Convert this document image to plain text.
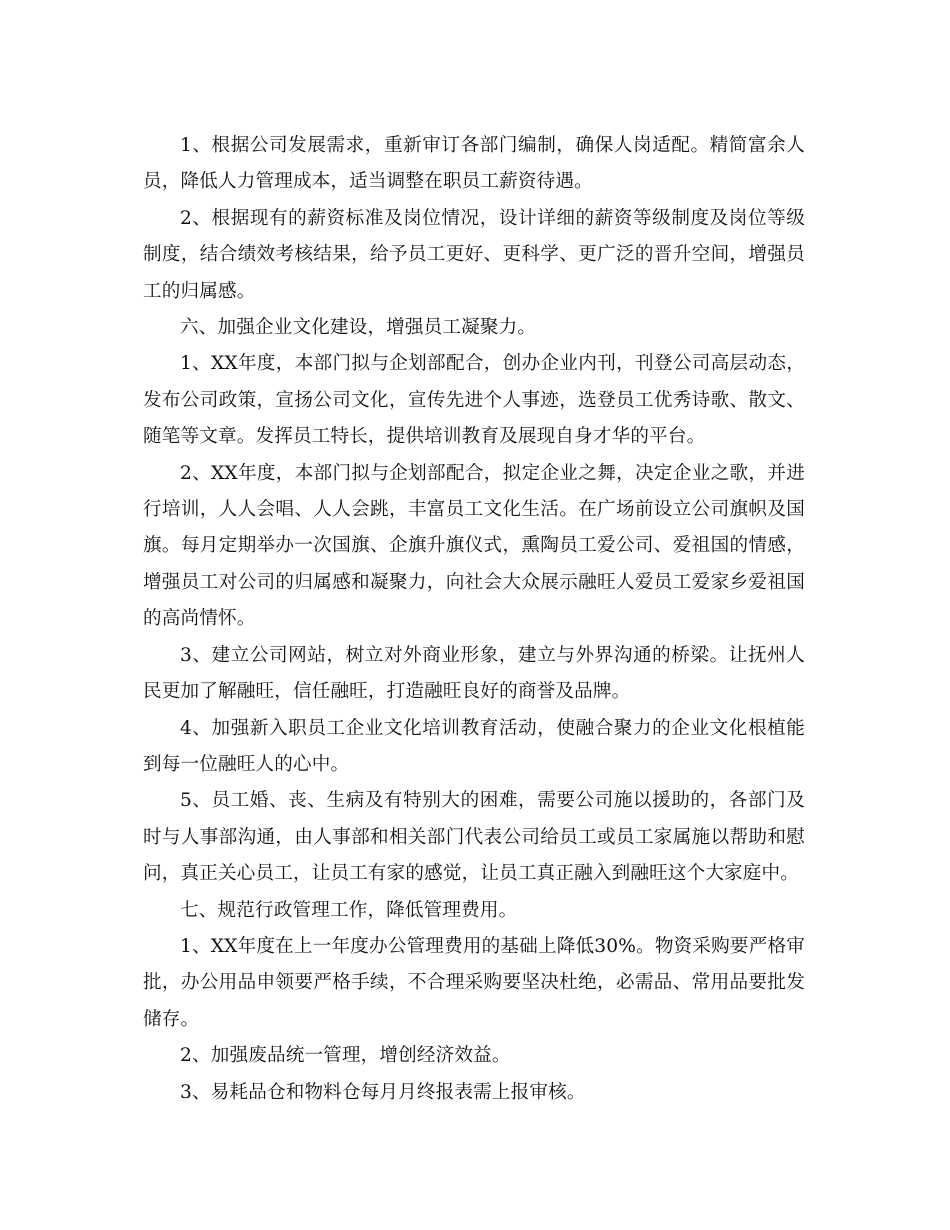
1、根据公司发展需求，重新审订各部门编制，确保人岗适配。精简富余人员，降低人力管理成本，适当调整在职员工薪资待遇。

2、根据现有的薪资标准及岗位情况，设计详细的薪资等级制度及岗位等级制度，结合绩效考核结果，给予员工更好、更科学、更广泛的晋升空间，增强员工的归属感。

六、加强企业文化建设，增强员工凝聚力。

1、XX年度，本部门拟与企划部配合，创办企业内刊，刊登公司高层动态，发布公司政策，宣扬公司文化，宣传先进个人事迹，选登员工优秀诗歌、散文、随笔等文章。发挥员工特长，提供培训教育及展现自身才华的平台。

2、XX年度，本部门拟与企划部配合，拟定企业之舞，决定企业之歌，并进行培训，人人会唱、人人会跳，丰富员工文化生活。在广场前设立公司旗帜及国旗。每月定期举办一次国旗、企旗升旗仪式，熏陶员工爱公司、爱祖国的情感，增强员工对公司的归属感和凝聚力，向社会大众展示融旺人爱员工爱家乡爱祖国的高尚情怀。

3、建立公司网站，树立对外商业形象，建立与外界沟通的桥梁。让抚州人民更加了解融旺，信任融旺，打造融旺良好的商誉及品牌。

4、加强新入职员工企业文化培训教育活动，使融合聚力的企业文化根植能到每一位融旺人的心中。

5、员工婚、丧、生病及有特别大的困难，需要公司施以援助的，各部门及时与人事部沟通，由人事部和相关部门代表公司给员工或员工家属施以帮助和慰问，真正关心员工，让员工有家的感觉，让员工真正融入到融旺这个大家庭中。

七、规范行政管理工作，降低管理费用。

1、XX年度在上一年度办公管理费用的基础上降低30%。物资采购要严格审批，办公用品申领要严格手续，不合理采购要坚决杜绝，必需品、常用品要批发储存。

2、加强废品统一管理，增创经济效益。

3、易耗品仓和物料仓每月月终报表需上报审核。
